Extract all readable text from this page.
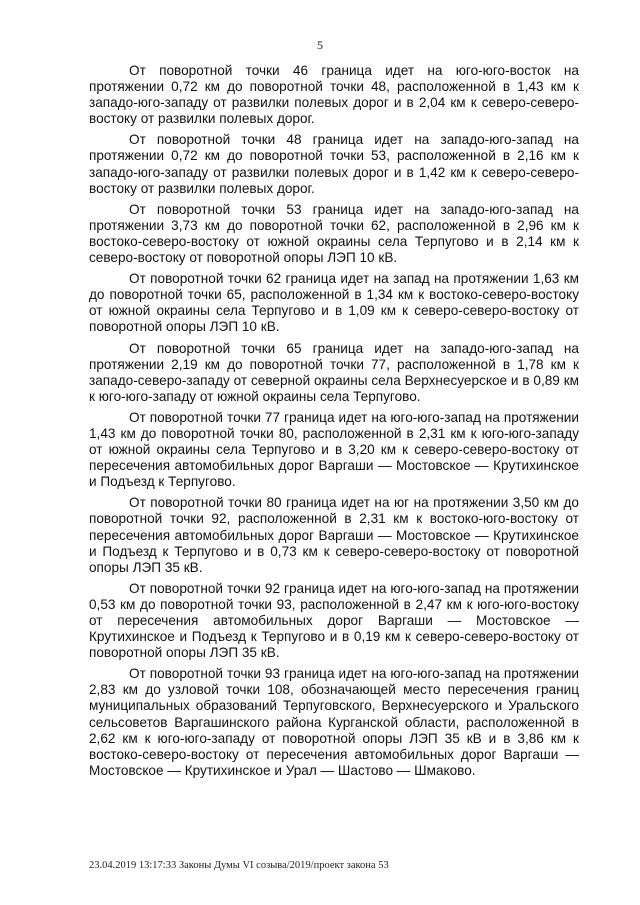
5

От поворотной точки 46 граница идет на юго-юго-восток на протяжении 0,72 км до поворотной точки 48, расположенной в 1,43 км к западо-юго-западу от развилки полевых дорог и в 2,04 км к северо-северо-востоку от развилки полевых дорог.

От поворотной точки 48 граница идет на западо-юго-запад на протяжении 0,72 км до поворотной точки 53, расположенной в 2,16 км к западо-юго-западу от развилки полевых дорог и в 1,42 км к северо-северо-востоку от развилки полевых дорог.

От поворотной точки 53 граница идет на западо-юго-запад на протяжении 3,73 км до поворотной точки 62, расположенной в 2,96 км к востоко-северо-востоку от южной окраины села Терпугово и в 2,14 км к северо-востоку от поворотной опоры ЛЭП 10 кВ.

От поворотной точки 62 граница идет на запад на протяжении 1,63 км до поворотной точки 65, расположенной в 1,34 км к востоко-северо-востоку от южной окраины села Терпугово и в 1,09 км к северо-северо-востоку от поворотной опоры ЛЭП 10 кВ.

От поворотной точки 65 граница идет на западо-юго-запад на протяжении 2,19 км до поворотной точки 77, расположенной в 1,78 км к западо-северо-западу от северной окраины села Верхнесуерское и в 0,89 км к юго-юго-западу от южной окраины села Терпугово.

От поворотной точки 77 граница идет на юго-юго-запад на протяжении 1,43 км до поворотной точки 80, расположенной в 2,31 км к юго-юго-западу от южной окраины села Терпугово и в 3,20 км к северо-северо-востоку от пересечения автомобильных дорог Варгаши — Мостовское — Крутихинское и Подъезд к Терпугово.

От поворотной точки 80 граница идет на юг на протяжении 3,50 км до поворотной точки 92, расположенной в 2,31 км к востоко-юго-востоку от пересечения автомобильных дорог Варгаши — Мостовское — Крутихинское и Подъезд к Терпугово и в 0,73 км к северо-северо-востоку от поворотной опоры ЛЭП 35 кВ.

От поворотной точки 92 граница идет на юго-юго-запад на протяжении 0,53 км до поворотной точки 93, расположенной в 2,47 км к юго-юго-востоку от пересечения автомобильных дорог Варгаши — Мостовское — Крутихинское и Подъезд к Терпугово и в 0,19 км к северо-северо-востоку от поворотной опоры ЛЭП 35 кВ.

От поворотной точки 93 граница идет на юго-юго-запад на протяжении 2,83 км до узловой точки 108, обозначающей место пересечения границ муниципальных образований Терпуговского, Верхнесуерского и Уральского сельсоветов Варгашинского района Курганской области, расположенной в 2,62 км к юго-юго-западу от поворотной опоры ЛЭП 35 кВ и в 3,86 км к востоко-северо-востоку от пересечения автомобильных дорог Варгаши — Мостовское — Крутихинское и Урал — Шастово — Шмаково.

23.04.2019 13:17:33 Законы Думы VI созыва/2019/проект закона 53
